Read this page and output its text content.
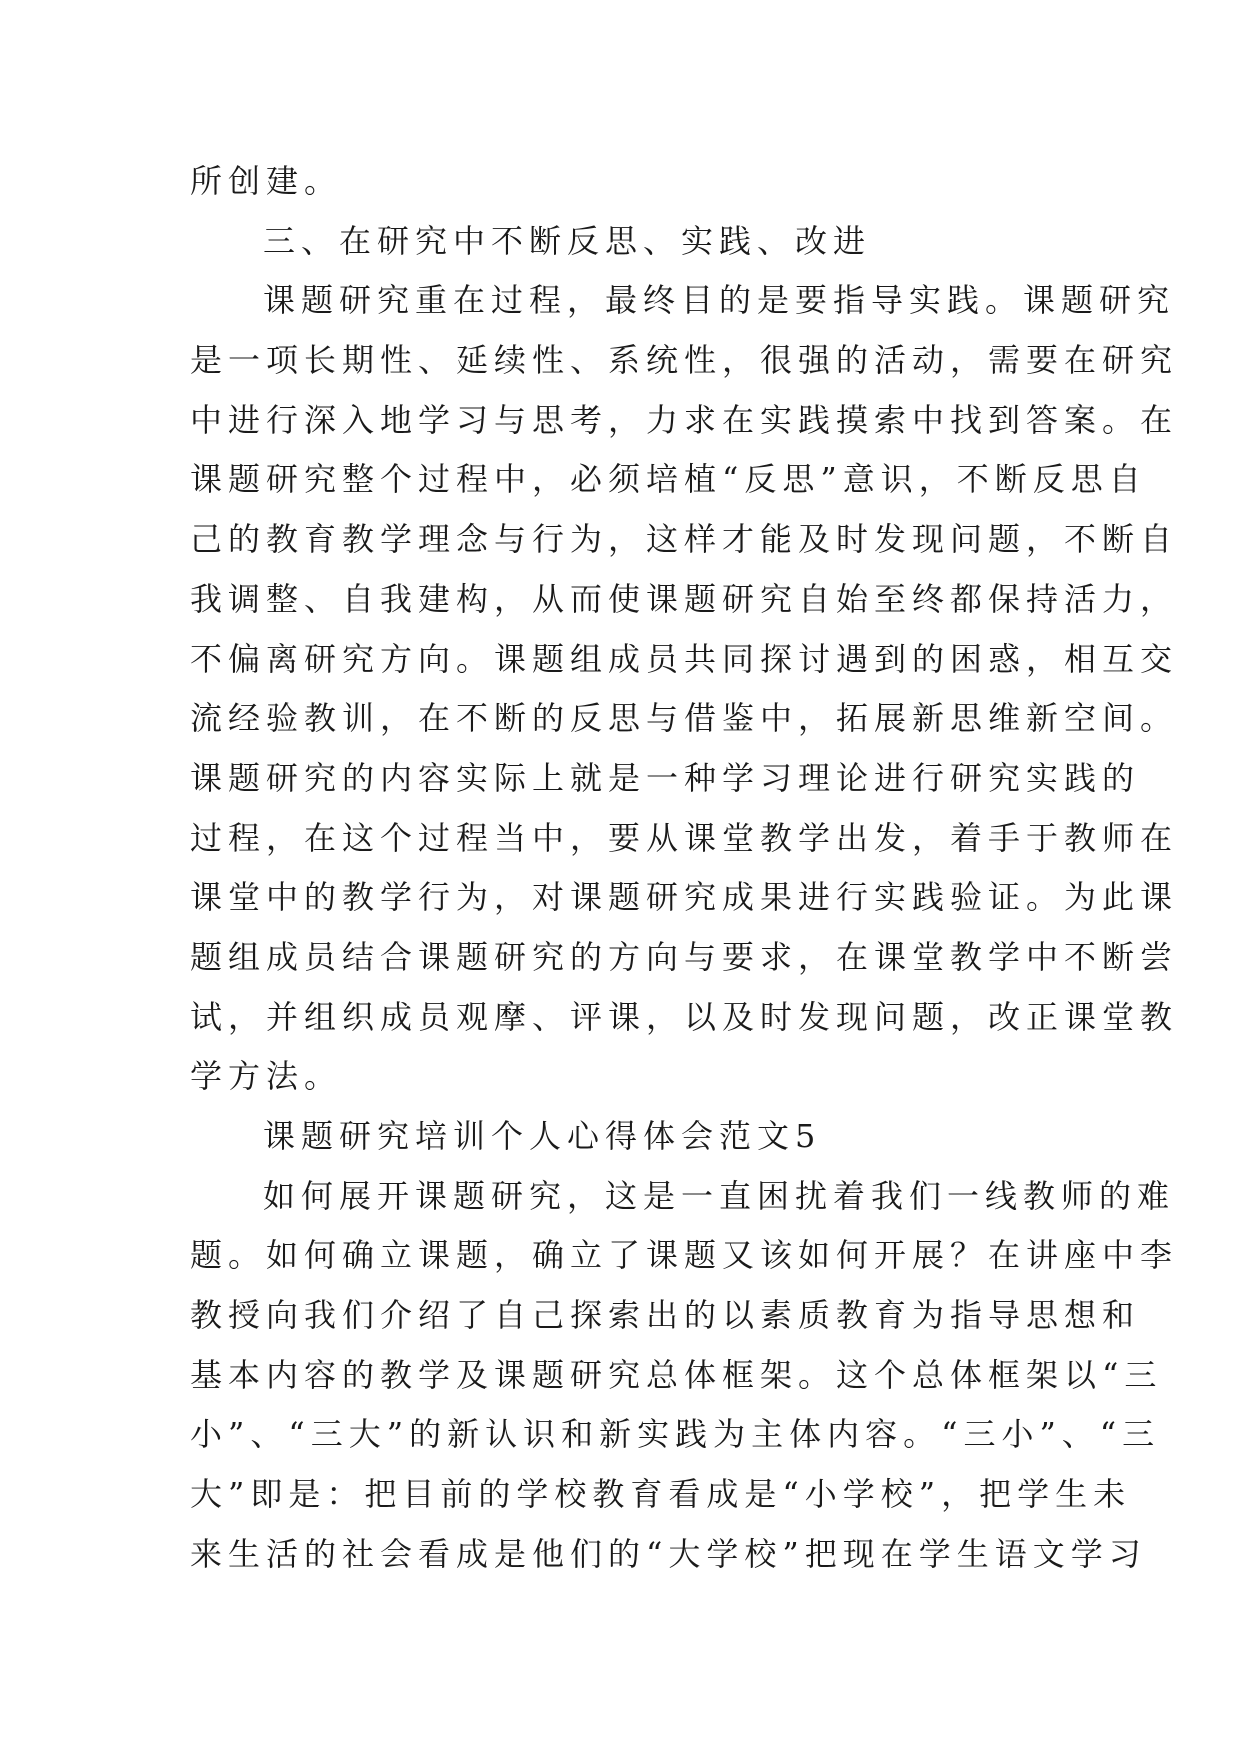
所创建。
三、在研究中不断反思、实践、改进
课题研究重在过程，最终目的是要指导实践。课题研究
是一项长期性、延续性、系统性，很强的活动，需要在研究
中进行深入地学习与思考，力求在实践摸索中找到答案。在
课题研究整个过程中，必须培植“反思”意识，不断反思自
己的教育教学理念与行为，这样才能及时发现问题，不断自
我调整、自我建构，从而使课题研究自始至终都保持活力，
不偏离研究方向。课题组成员共同探讨遇到的困惑，相互交
流经验教训，在不断的反思与借鉴中，拓展新思维新空间。
课题研究的内容实际上就是一种学习理论进行研究实践的
过程，在这个过程当中，要从课堂教学出发，着手于教师在
课堂中的教学行为，对课题研究成果进行实践验证。为此课
题组成员结合课题研究的方向与要求，在课堂教学中不断尝
试，并组织成员观摩、评课，以及时发现问题，改正课堂教
学方法。
课题研究培训个人心得体会范文5
如何展开课题研究，这是一直困扰着我们一线教师的难
题。如何确立课题，确立了课题又该如何开展？在讲座中李
教授向我们介绍了自己探索出的以素质教育为指导思想和
基本内容的教学及课题研究总体框架。这个总体框架以“三
小”、“三大”的新认识和新实践为主体内容。“三小”、“三
大”即是：把目前的学校教育看成是“小学校”，把学生未
来生活的社会看成是他们的“大学校”把现在学生语文学习
